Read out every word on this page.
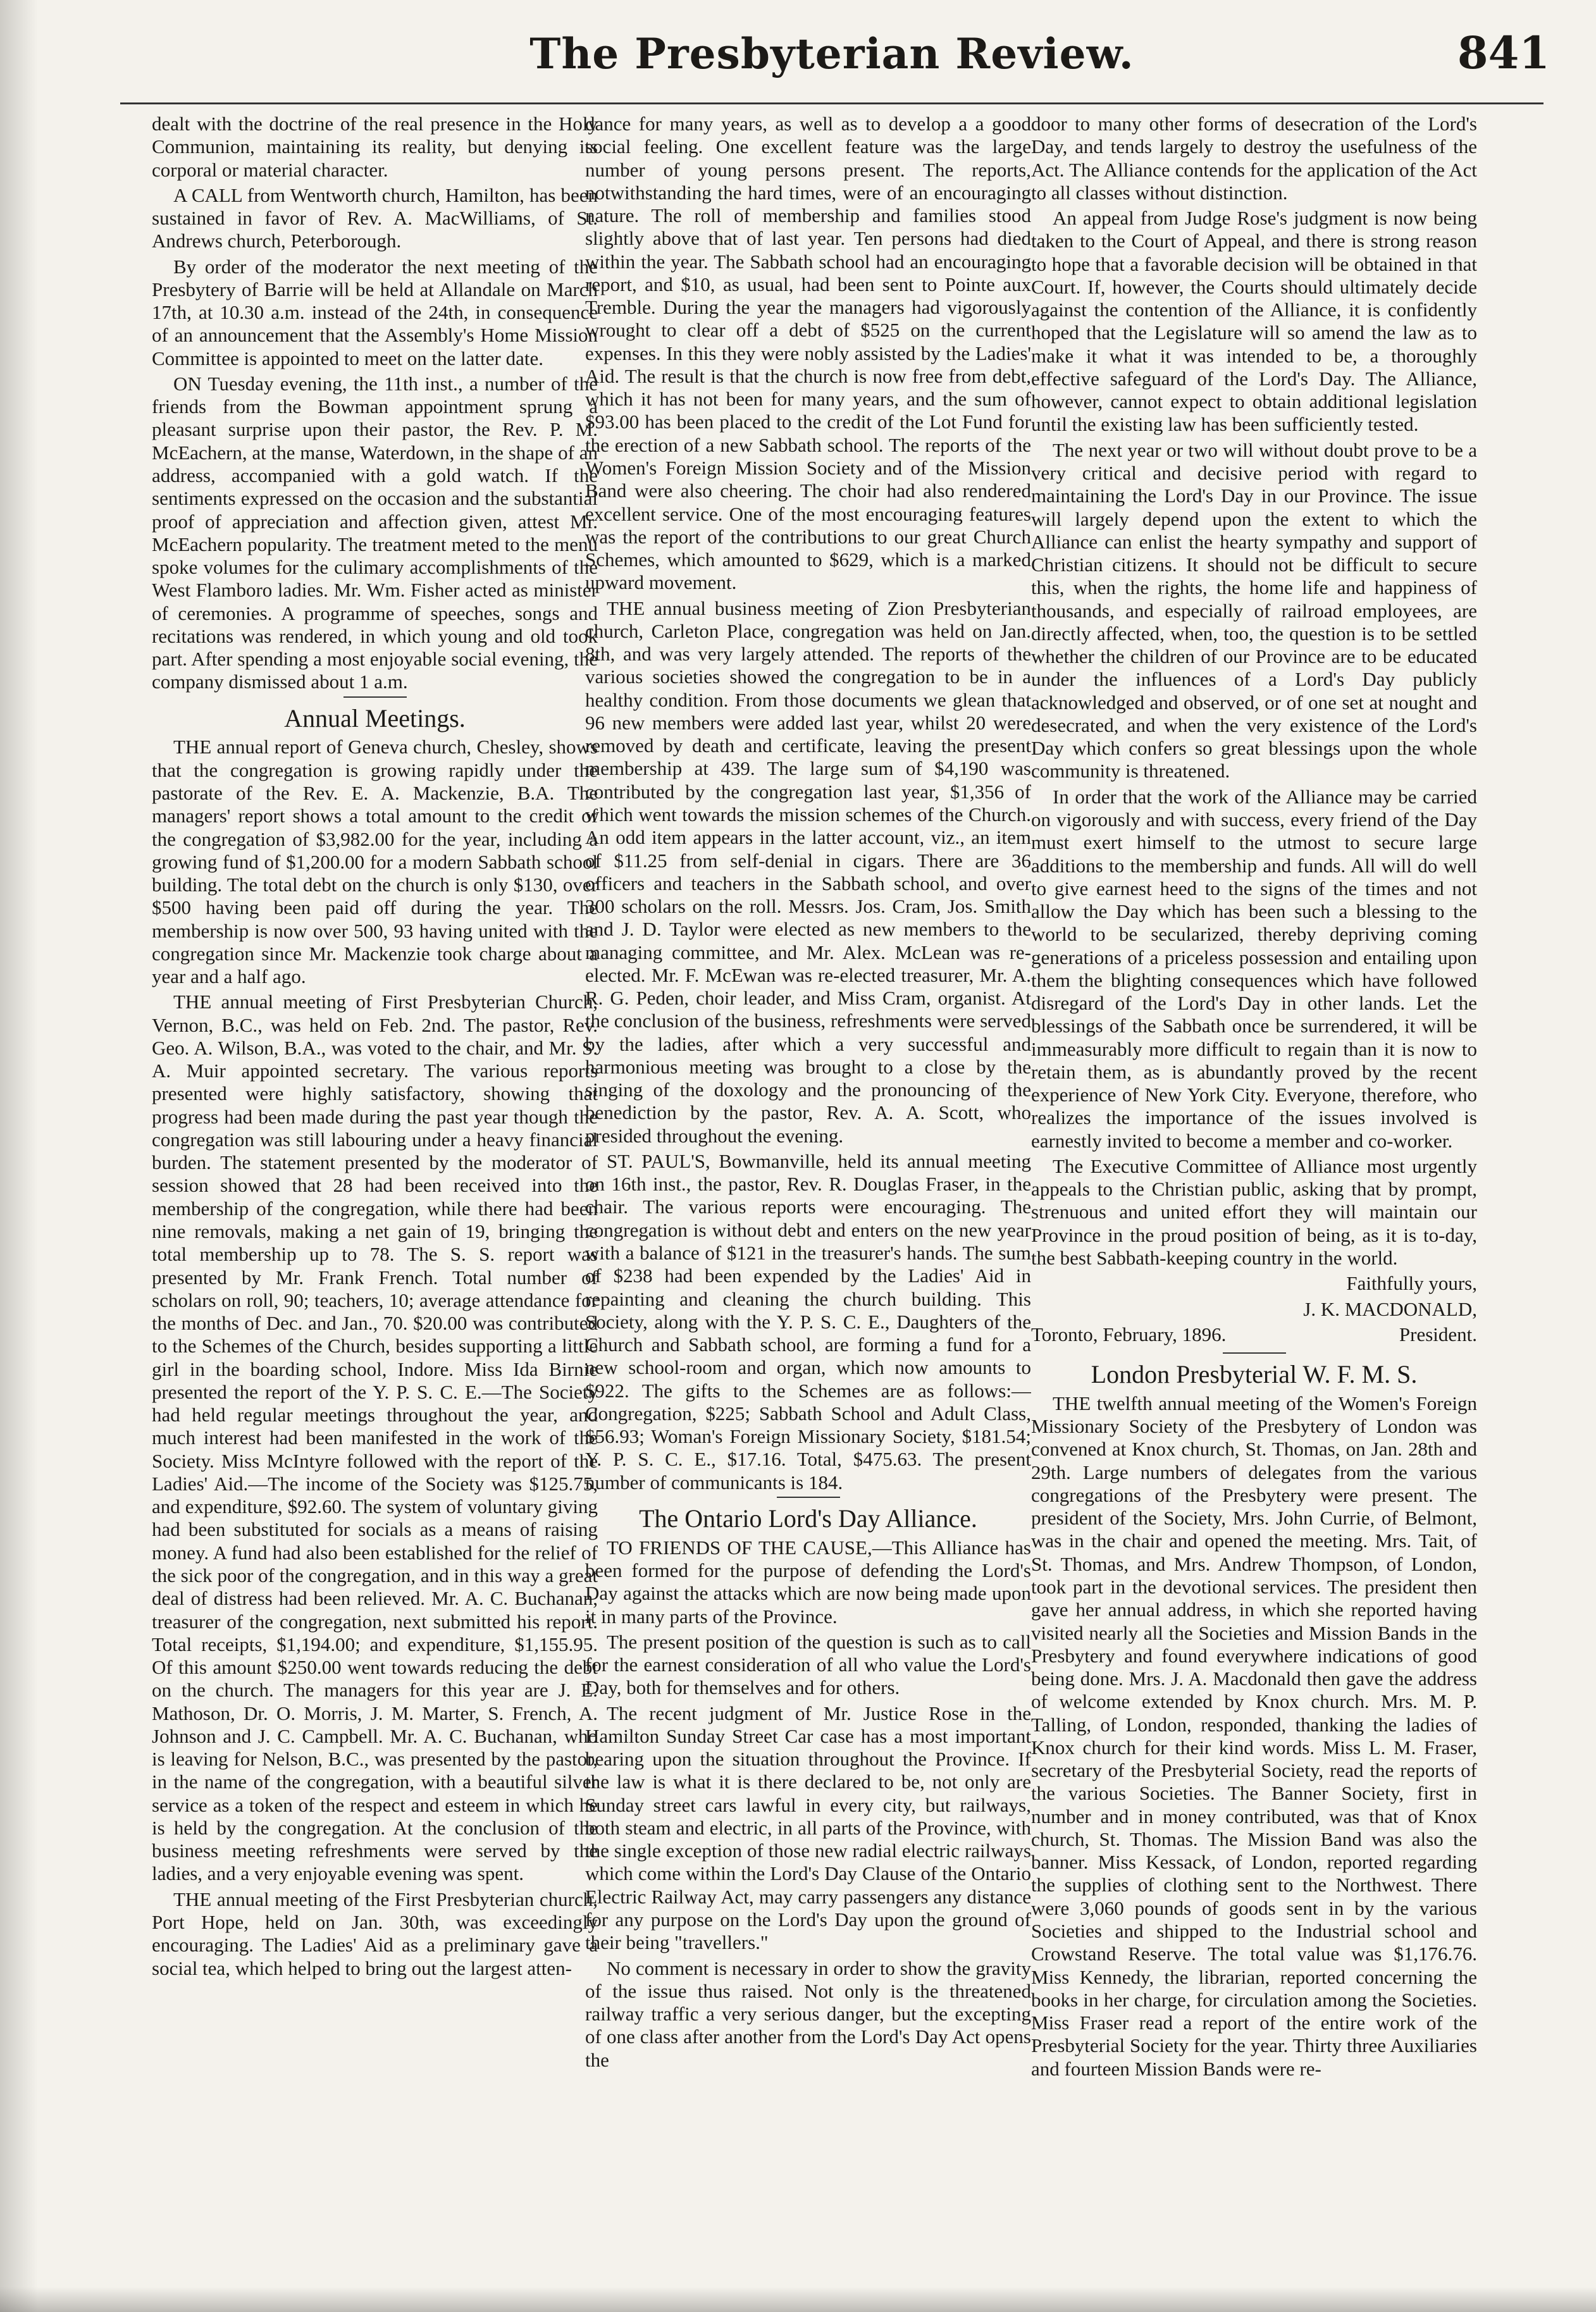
The Presbyterian Review.	841

dealt with the doctrine of the real presence in the Holy Communion, maintaining its reality, but denying its corporal or material character.

A CALL from Wentworth church, Hamilton, has been sustained in favor of Rev. A. MacWilliams, of St. Andrews church, Peterborough.

By order of the moderator the next meeting of the Presbytery of Barrie will be held at Allandale on March 17th, at 10.30 a.m. instead of the 24th, in consequence of an announcement that the Assembly's Home Mission Committee is appointed to meet on the latter date.

ON Tuesday evening, the 11th inst., a number of the friends from the Bowman appointment sprung a pleasant surprise upon their pastor, the Rev. P. M. McEachern, at the manse, Waterdown, in the shape of an address, accompanied with a gold watch. If the sentiments expressed on the occasion and the substantial proof of appreciation and affection given, attest Mr. McEachern popularity. The treatment meted to the menu spoke volumes for the culimary accomplishments of the West Flamboro ladies. Mr. Wm. Fisher acted as minister of ceremonies. A programme of speeches, songs and recitations was rendered, in which young and old took part. After spending a most enjoyable social evening, the company dismissed about 1 a.m.

Annual Meetings.

THE annual report of Geneva church, Chesley, shows that the congregation is growing rapidly under the pastorate of the Rev. E. A. Mackenzie, B.A. The managers' report shows a total amount to the credit of the congregation of $3,982.00 for the year, including a growing fund of $1,200.00 for a modern Sabbath school building. The total debt on the church is only $130, over $500 having been paid off during the year. The membership is now over 500, 93 having united with the congregation since Mr. Mackenzie took charge about a year and a half ago.

THE annual meeting of First Presbyterian Church, Vernon, B.C., was held on Feb. 2nd. The pastor, Rev. Geo. A. Wilson, B.A., was voted to the chair, and Mr. S. A. Muir appointed secretary. The various reports presented were highly satisfactory, showing that progress had been made during the past year though the congregation was still labouring under a heavy financial burden. The statement presented by the moderator of session showed that 28 had been received into the membership of the congregation, while there had been nine removals, making a net gain of 19, bringing the total membership up to 78. The S. S. report was presented by Mr. Frank French. Total number of scholars on roll, 90; teachers, 10; average attendance for the months of Dec. and Jan., 70. $20.00 was contributed to the Schemes of the Church, besides supporting a little girl in the boarding school, Indore. Miss Ida Birnie presented the report of the Y. P. S. C. E.—The Society had held regular meetings throughout the year, and much interest had been manifested in the work of the Society. Miss McIntyre followed with the report of the Ladies' Aid.—The income of the Society was $125.75, and expenditure, $92.60. The system of voluntary giving had been substituted for socials as a means of raising money. A fund had also been established for the relief of the sick poor of the congregation, and in this way a great deal of distress had been relieved. Mr. A. C. Buchanan, treasurer of the congregation, next submitted his report. Total receipts, $1,194.00; and expenditure, $1,155.95. Of this amount $250.00 went towards reducing the debt on the church. The managers for this year are J. E. Mathoson, Dr. O. Morris, J. M. Marter, S. French, A. Johnson and J. C. Campbell. Mr. A. C. Buchanan, who is leaving for Nelson, B.C., was presented by the pastor, in the name of the congregation, with a beautiful silver service as a token of the respect and esteem in which he is held by the congregation. At the conclusion of the business meeting refreshments were served by the ladies, and a very enjoyable evening was spent.

THE annual meeting of the First Presbyterian church, Port Hope, held on Jan. 30th, was exceedingly encouraging. The Ladies' Aid as a preliminary gave a social tea, which helped to bring out the largest atten-

dance for many years, as well as to develop a a good social feeling. One excellent feature was the large number of young persons present. The reports, notwithstanding the hard times, were of an encouraging nature. The roll of membership and families stood slightly above that of last year. Ten persons had died within the year. The Sabbath school had an encouraging report, and $10, as usual, had been sent to Pointe aux Tremble. During the year the managers had vigorously wrought to clear off a debt of $525 on the current expenses. In this they were nobly assisted by the Ladies' Aid. The result is that the church is now free from debt, which it has not been for many years, and the sum of $93.00 has been placed to the credit of the Lot Fund for the erection of a new Sabbath school. The reports of the Women's Foreign Mission Society and of the Mission Band were also cheering. The choir had also rendered excellent service. One of the most encouraging features was the report of the contributions to our great Church Schemes, which amounted to $629, which is a marked upward movement.

THE annual business meeting of Zion Presbyterian church, Carleton Place, congregation was held on Jan. 8th, and was very largely attended. The reports of the various societies showed the congregation to be in a healthy condition. From those documents we glean that 96 new members were added last year, whilst 20 were removed by death and certificate, leaving the present membership at 439. The large sum of $4,190 was contributed by the congregation last year, $1,356 of which went towards the mission schemes of the Church. An odd item appears in the latter account, viz., an item of $11.25 from self-denial in cigars. There are 36 officers and teachers in the Sabbath school, and over 300 scholars on the roll. Messrs. Jos. Cram, Jos. Smith and J. D. Taylor were elected as new members to the managing committee, and Mr. Alex. McLean was re-elected. Mr. F. McEwan was re-elected treasurer, Mr. A. R. G. Peden, choir leader, and Miss Cram, organist. At the conclusion of the business, refreshments were served by the ladies, after which a very successful and harmonious meeting was brought to a close by the singing of the doxology and the pronouncing of the benediction by the pastor, Rev. A. A. Scott, who presided throughout the evening.

ST. PAUL'S, Bowmanville, held its annual meeting on 16th inst., the pastor, Rev. R. Douglas Fraser, in the chair. The various reports were encouraging. The congregation is without debt and enters on the new year with a balance of $121 in the treasurer's hands. The sum of $238 had been expended by the Ladies' Aid in repainting and cleaning the church building. This Society, along with the Y. P. S. C. E., Daughters of the Church and Sabbath school, are forming a fund for a new school-room and organ, which now amounts to $922. The gifts to the Schemes are as follows:—Congregation, $225; Sabbath School and Adult Class, $56.93; Woman's Foreign Missionary Society, $181.54; Y. P. S. C. E., $17.16. Total, $475.63. The present number of communicants is 184.

The Ontario Lord's Day Alliance.

TO FRIENDS OF THE CAUSE,—This Alliance has been formed for the purpose of defending the Lord's Day against the attacks which are now being made upon it in many parts of the Province.

The present position of the question is such as to call for the earnest consideration of all who value the Lord's Day, both for themselves and for others.

The recent judgment of Mr. Justice Rose in the Hamilton Sunday Street Car case has a most important bearing upon the situation throughout the Province. If the law is what it is there declared to be, not only are Sunday street cars lawful in every city, but railways, both steam and electric, in all parts of the Province, with the single exception of those new radial electric railways which come within the Lord's Day Clause of the Ontario Electric Railway Act, may carry passengers any distance for any purpose on the Lord's Day upon the ground of their being "travellers."

No comment is necessary in order to show the gravity of the issue thus raised. Not only is the threatened railway traffic a very serious danger, but the excepting of one class after another from the Lord's Day Act opens the

door to many other forms of desecration of the Lord's Day, and tends largely to destroy the usefulness of the Act. The Alliance contends for the application of the Act to all classes without distinction.

An appeal from Judge Rose's judgment is now being taken to the Court of Appeal, and there is strong reason to hope that a favorable decision will be obtained in that Court. If, however, the Courts should ultimately decide against the contention of the Alliance, it is confidently hoped that the Legislature will so amend the law as to make it what it was intended to be, a thoroughly effective safeguard of the Lord's Day. The Alliance, however, cannot expect to obtain additional legislation until the existing law has been sufficiently tested.

The next year or two will without doubt prove to be a very critical and decisive period with regard to maintaining the Lord's Day in our Province. The issue will largely depend upon the extent to which the Alliance can enlist the hearty sympathy and support of Christian citizens. It should not be difficult to secure this, when the rights, the home life and happiness of thousands, and especially of railroad employees, are directly affected, when, too, the question is to be settled whether the children of our Province are to be educated under the influences of a Lord's Day publicly acknowledged and observed, or of one set at nought and desecrated, and when the very existence of the Lord's Day which confers so great blessings upon the whole community is threatened.

In order that the work of the Alliance may be carried on vigorously and with success, every friend of the Day must exert himself to the utmost to secure large additions to the membership and funds. All will do well to give earnest heed to the signs of the times and not allow the Day which has been such a blessing to the world to be secularized, thereby depriving coming generations of a priceless possession and entailing upon them the blighting consequences which have followed disregard of the Lord's Day in other lands. Let the blessings of the Sabbath once be surrendered, it will be immeasurably more difficult to regain than it is now to retain them, as is abundantly proved by the recent experience of New York City. Everyone, therefore, who realizes the importance of the issues involved is earnestly invited to become a member and co-worker.

The Executive Committee of Alliance most urgently appeals to the Christian public, asking that by prompt, strenuous and united effort they will maintain our Province in the proud position of being, as it is to-day, the best Sabbath-keeping country in the world.

Faithfully yours,

J. K. MACDONALD,

Toronto, February, 1896.	President.

London Presbyterial W. F. M. S.

THE twelfth annual meeting of the Women's Foreign Missionary Society of the Presbytery of London was convened at Knox church, St. Thomas, on Jan. 28th and 29th. Large numbers of delegates from the various congregations of the Presbytery were present. The president of the Society, Mrs. John Currie, of Belmont, was in the chair and opened the meeting. Mrs. Tait, of St. Thomas, and Mrs. Andrew Thompson, of London, took part in the devotional services. The president then gave her annual address, in which she reported having visited nearly all the Societies and Mission Bands in the Presbytery and found everywhere indications of good being done. Mrs. J. A. Macdonald then gave the address of welcome extended by Knox church. Mrs. M. P. Talling, of London, responded, thanking the ladies of Knox church for their kind words. Miss L. M. Fraser, secretary of the Presbyterial Society, read the reports of the various Societies. The Banner Society, first in number and in money contributed, was that of Knox church, St. Thomas. The Mission Band was also the banner. Miss Kessack, of London, reported regarding the supplies of clothing sent to the Northwest. There were 3,060 pounds of goods sent in by the various Societies and shipped to the Industrial school and Crowstand Reserve. The total value was $1,176.76. Miss Kennedy, the librarian, reported concerning the books in her charge, for circulation among the Societies. Miss Fraser read a report of the entire work of the Presbyterial Society for the year. Thirty three Auxiliaries and fourteen Mission Bands were re-
